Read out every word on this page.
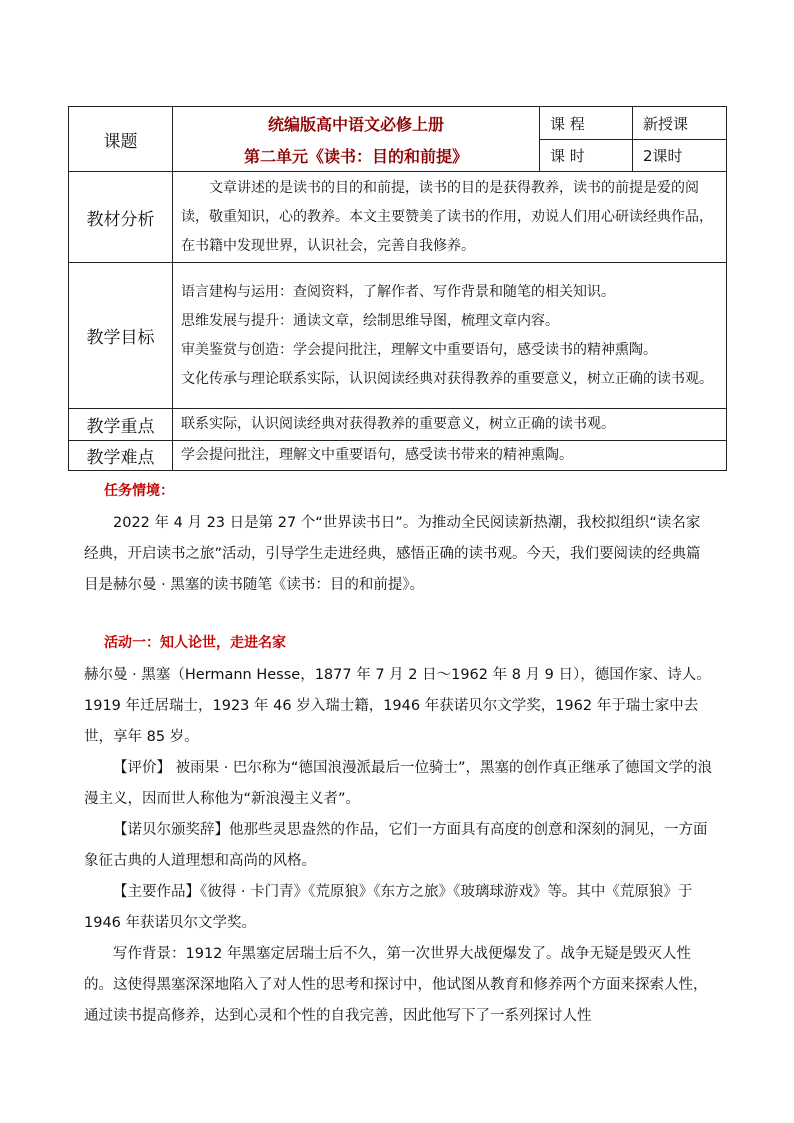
课题	统编版高中语文必修上册	课 程	新授课
	第二单元《读书：目的和前提》	课 时	2课时
教材分析	文章讲述的是读书的目的和前提，读书的目的是获得教养，读书的前提是爱的阅读，敬重知识，心的教养。本文主要赞美了读书的作用，劝说人们用心研读经典作品，在书籍中发现世界，认识社会，完善自我修养。		
教学目标	语言建构与运用：查阅资料，了解作者、写作背景和随笔的相关知识。
思维发展与提升：通读文章，绘制思维导图，梳理文章内容。
审美鉴赏与创造：学会提问批注，理解文中重要语句，感受读书的精神熏陶。
文化传承与理论联系实际，认识阅读经典对获得教养的重要意义，树立正确的读书观。		

教学重点	联系实际，认识阅读经典对获得教养的重要意义，树立正确的读书观。		
教学难点	学会提问批注，理解文中重要语句，感受读书带来的精神熏陶。		

任务情境：

2022 年 4 月 23 日是第 27 个“世界读书日”。为推动全民阅读新热潮，我校拟组织“读名家经典，开启读书之旅”活动，引导学生走进经典，感悟正确的读书观。今天，我们要阅读的经典篇目是赫尔曼 · 黑塞的读书随笔《读书：目的和前提》。

活动一：知人论世，走进名家

赫尔曼 · 黑塞（Hermann Hesse，1877 年 7 月 2 日～1962 年 8 月 9 日），德国作家、诗人。1919 年迁居瑞士，1923 年 46 岁入瑞士籍，1946 年获诺贝尔文学奖，1962 年于瑞士家中去世，享年 85 岁。

【评价】 被雨果 · 巴尔称为“德国浪漫派最后一位骑士”，黑塞的创作真正继承了德国文学的浪漫主义，因而世人称他为“新浪漫主义者”。

【诺贝尔颁奖辞】他那些灵思盎然的作品，它们一方面具有高度的创意和深刻的洞见，一方面象征古典的人道理想和高尚的风格。

【主要作品】《彼得 · 卡门青》《荒原狼》《东方之旅》《玻璃球游戏》等。其中《荒原狼》于 1946 年获诺贝尔文学奖。

写作背景：1912 年黑塞定居瑞士后不久，第一次世界大战便爆发了。战争无疑是毁灭人性的。这使得黑塞深深地陷入了对人性的思考和探讨中，他试图从教育和修养两个方面来探索人性，通过读书提高修养，达到心灵和个性的自我完善，因此他写下了一系列探讨人性
